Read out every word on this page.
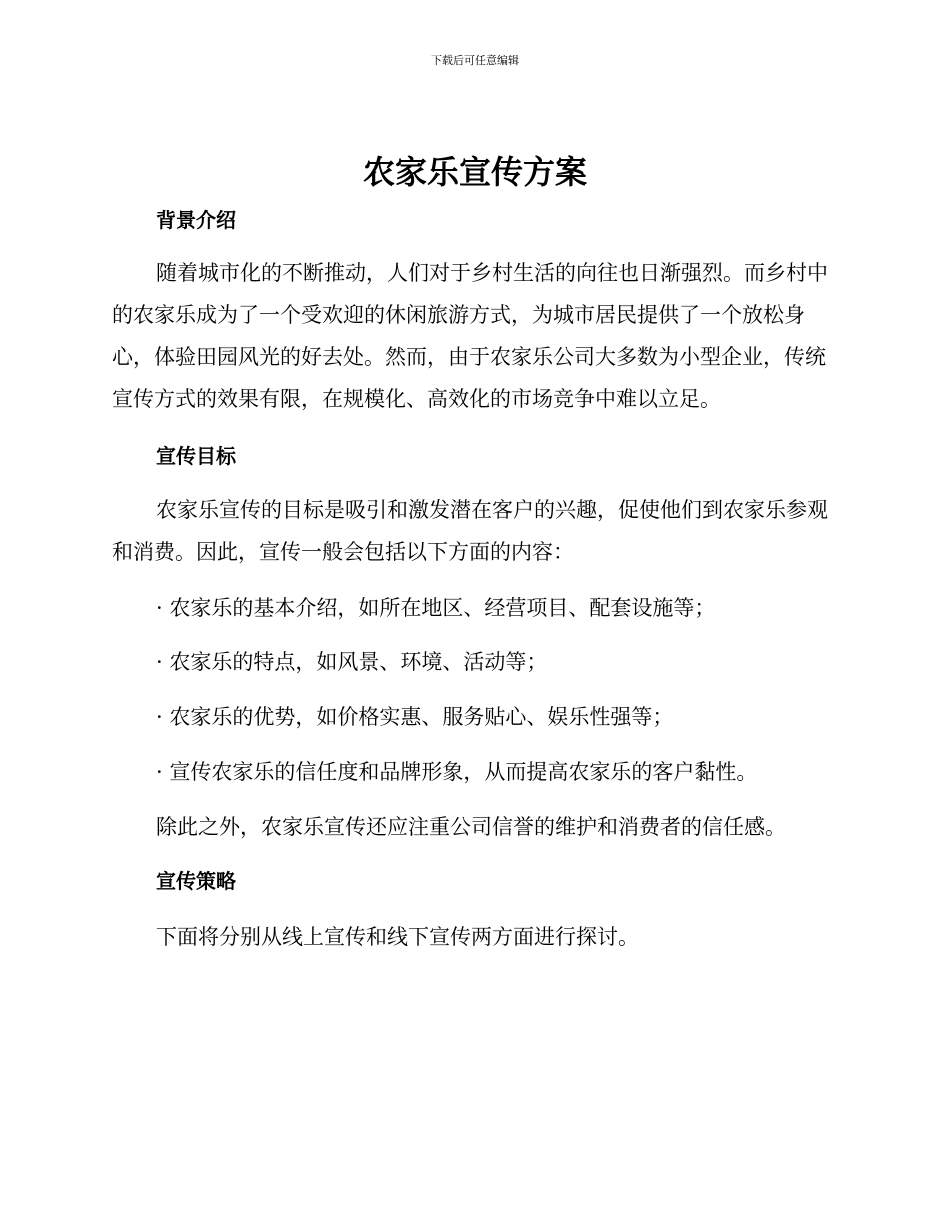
下载后可任意编辑
农家乐宣传方案
背景介绍

随着城市化的不断推动，人们对于乡村生活的向往也日渐强烈。而乡村中的农家乐成为了一个受欢迎的休闲旅游方式，为城市居民提供了一个放松身心，体验田园风光的好去处。然而，由于农家乐公司大多数为小型企业，传统宣传方式的效果有限，在规模化、高效化的市场竞争中难以立足。

宣传目标

农家乐宣传的目标是吸引和激发潜在客户的兴趣，促使他们到农家乐参观和消费。因此，宣传一般会包括以下方面的内容：

· 农家乐的基本介绍，如所在地区、经营项目、配套设施等；
· 农家乐的特点，如风景、环境、活动等；
· 农家乐的优势，如价格实惠、服务贴心、娱乐性强等；
· 宣传农家乐的信任度和品牌形象，从而提高农家乐的客户黏性。
除此之外，农家乐宣传还应注重公司信誉的维护和消费者的信任感。
宣传策略
下面将分别从线上宣传和线下宣传两方面进行探讨。
